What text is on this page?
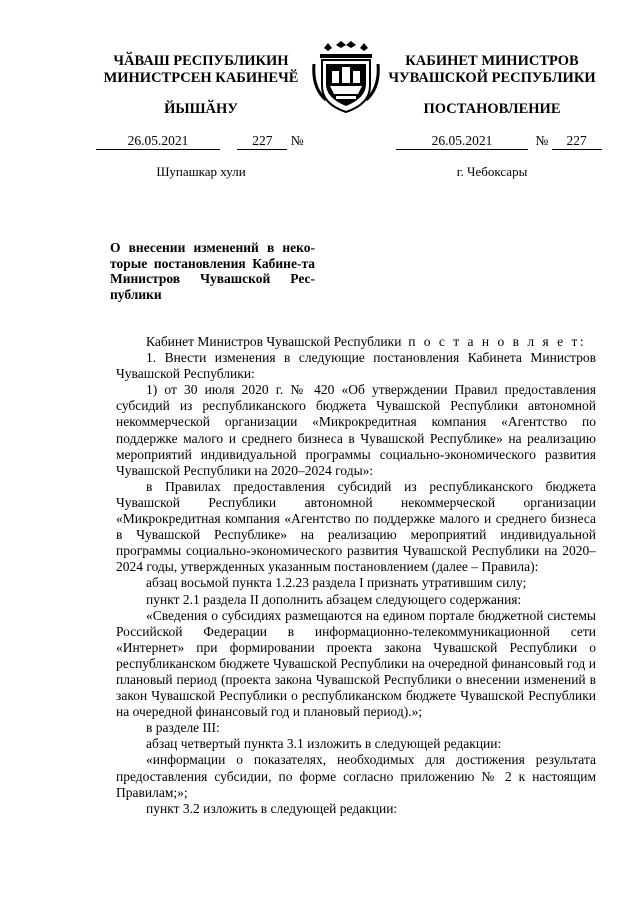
ЧӐВАШ РЕСПУБЛИКИН
МИНИСТРСЕН КАБИНЕЧӖ
ЙЫШӐНУ
КАБИНЕТ МИНИСТРОВ
ЧУВАШСКОЙ РЕСПУБЛИКИ
ПОСТАНОВЛЕНИЕ
26.05.2021	227 №	26.05.2021	№ 227
Шупашкар хули	г. Чебоксары
О внесении изменений в неко-торые постановления Кабине-та Министров Чувашской Рес-публики

Кабинет Министров Чувашской Республики п о с т а н о в л я е т:

1. Внести изменения в следующие постановления Кабинета Министров Чувашской Республики:

1) от 30 июля 2020 г. № 420 «Об утверждении Правил предоставления субсидий из республиканского бюджета Чувашской Республики автономной некоммерческой организации «Микрокредитная компания «Агентство по поддержке малого и среднего бизнеса в Чувашской Республике» на реализацию мероприятий индивидуальной программы социально-экономического развития Чувашской Республики на 2020–2024 годы»:

в Правилах предоставления субсидий из республиканского бюджета Чувашской Республики автономной некоммерческой организации «Микрокредитная компания «Агентство по поддержке малого и среднего бизнеса в Чувашской Республике» на реализацию мероприятий индивидуальной программы социально-экономического развития Чувашской Республики на 2020–2024 годы, утвержденных указанным постановлением (далее – Правила):

абзац восьмой пункта 1.2.23 раздела I признать утратившим силу;

пункт 2.1 раздела II дополнить абзацем следующего содержания:

«Сведения о субсидиях размещаются на едином портале бюджетной системы Российской Федерации в информационно-телекоммуникационной сети «Интернет» при формировании проекта закона Чувашской Республики о республиканском бюджете Чувашской Республики на очередной финансовый год и плановый период (проекта закона Чувашской Республики о внесении изменений в закон Чувашской Республики о республиканском бюджете Чувашской Республики на очередной финансовый год и плановый период).»;

в разделе III:

абзац четвертый пункта 3.1 изложить в следующей редакции:

«информации о показателях, необходимых для достижения результата предоставления субсидии, по форме согласно приложению № 2 к настоящим Правилам;»;

пункт 3.2 изложить в следующей редакции:
